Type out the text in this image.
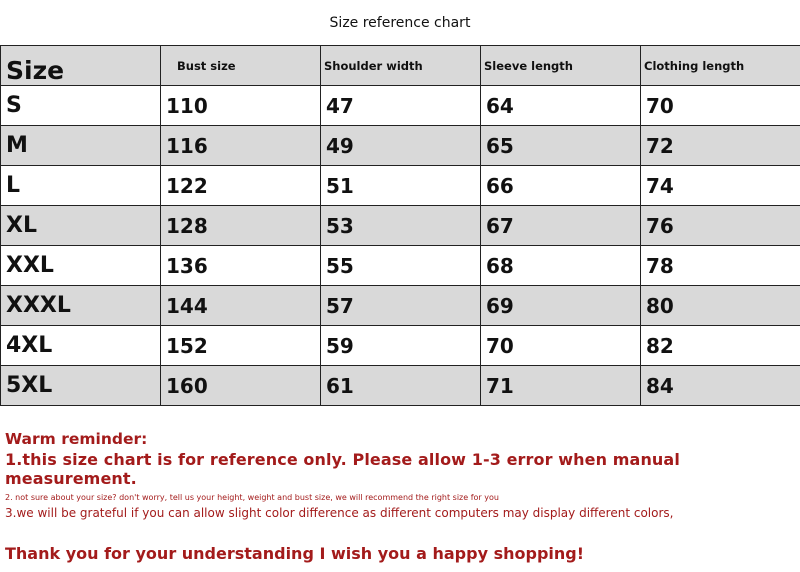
Size reference chart
Size	Bust size	Shoulder width	Sleeve length	Clothing length
S	110	47	64	70
M	116	49	65	72
L	122	51	66	74
XL	128	53	67	76
XXL	136	55	68	78
XXXL	144	57	69	80
4XL	152	59	70	82
5XL	160	61	71	84
Warm reminder:
1.this size chart is for reference only. Please allow 1-3 error when manual measurement.
2. not sure about your size? don't worry, tell us your height, weight and bust size, we will recommend the right size for you
3.we will be grateful if you can allow slight color difference as different computers may display different colors,
Thank you for your understanding I wish you a happy shopping!
